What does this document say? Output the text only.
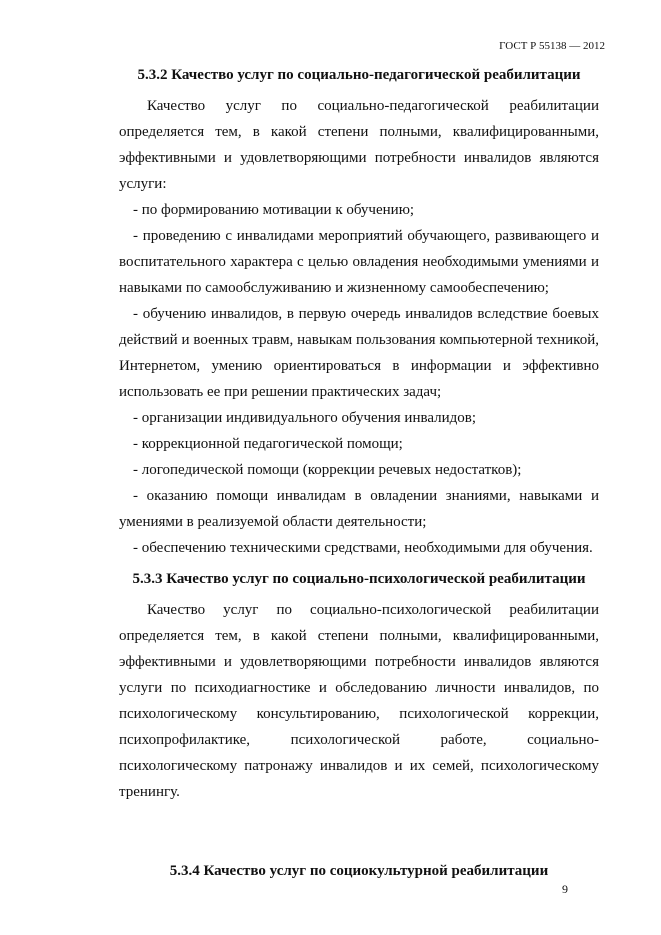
ГОСТ Р 55138 — 2012

5.3.2 Качество услуг по социально-педагогической реабилитации

Качество услуг по социально-педагогической реабилитации определяется тем, в какой степени полными, квалифицированными, эффективными и удовлетворяющими потребности инвалидов являются услуги:

- по формированию мотивации к обучению;

- проведению с инвалидами мероприятий обучающего, развивающего и воспитательного характера с целью овладения необходимыми умениями и навыками по самообслуживанию и жизненному самообеспечению;

- обучению инвалидов, в первую очередь инвалидов вследствие боевых действий и военных травм, навыкам пользования компьютерной техникой, Интернетом, умению ориентироваться в информации и эффективно использовать ее при решении практических задач;

- организации индивидуального обучения инвалидов;

- коррекционной педагогической помощи;

- логопедической помощи (коррекции речевых недостатков);

- оказанию помощи инвалидам в овладении знаниями, навыками и умениями в реализуемой области деятельности;

- обеспечению техническими средствами, необходимыми для обучения.

5.3.3 Качество услуг по социально-психологической реабилитации

Качество услуг по социально-психологической реабилитации определяется тем, в какой степени полными, квалифицированными, эффективными и удовлетворяющими потребности инвалидов являются услуги по психодиагностике и обследованию личности инвалидов, по психологическому консультированию, психологической коррекции, психопрофилактике, психологической работе, социально-психологическому патронажу инвалидов и их семей, психологическому тренингу.

5.3.4 Качество услуг по социокультурной реабилитации

9
